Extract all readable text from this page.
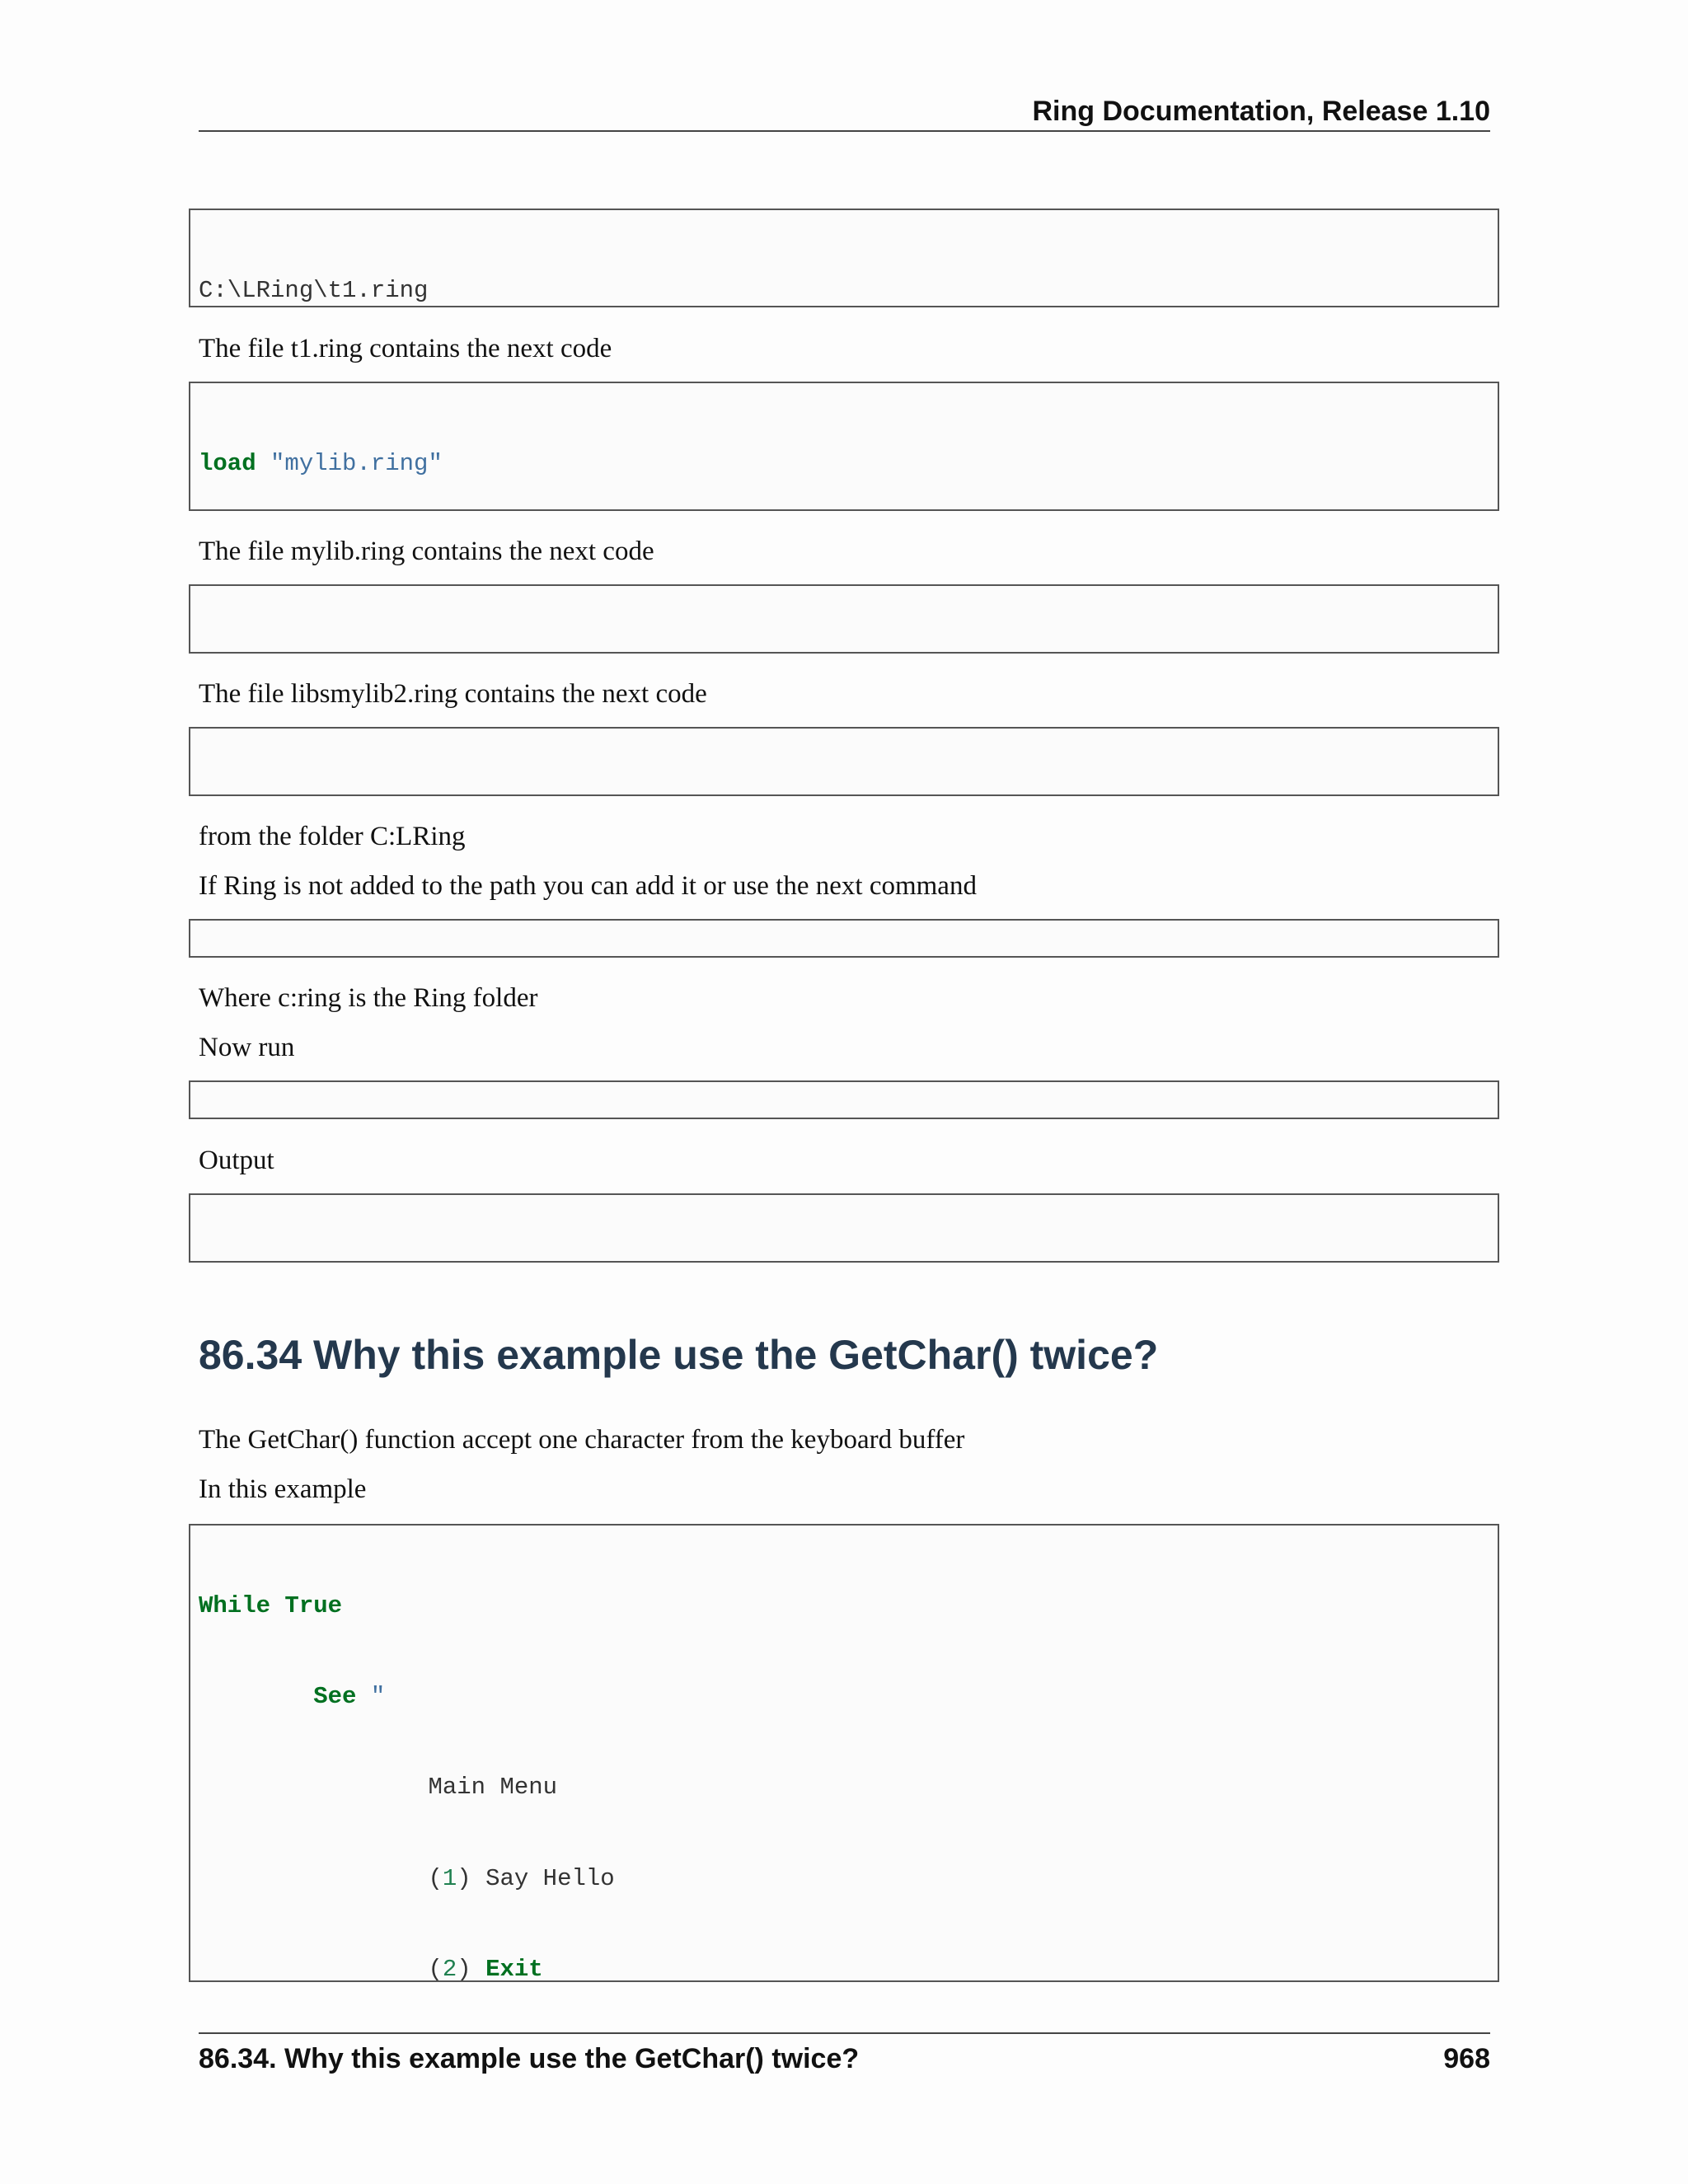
Ring Documentation, Release 1.10

C:\LRing\t1.ring

The file t1.ring contains the next code

load "mylib.ring"

The file mylib.ring contains the next code

The file libsmylib2.ring contains the next code

from the folder C:LRing
If Ring is not added to the path you can add it or use the next command

Where c:ring is the Ring folder
Now run

Output

86.34 Why this example use the GetChar() twice?
The GetChar() function accept one character from the keyboard buffer
In this example

While True

See "

Main Menu

(1) Say Hello

(2) Exit

86.34. Why this example use the GetChar() twice?	968
